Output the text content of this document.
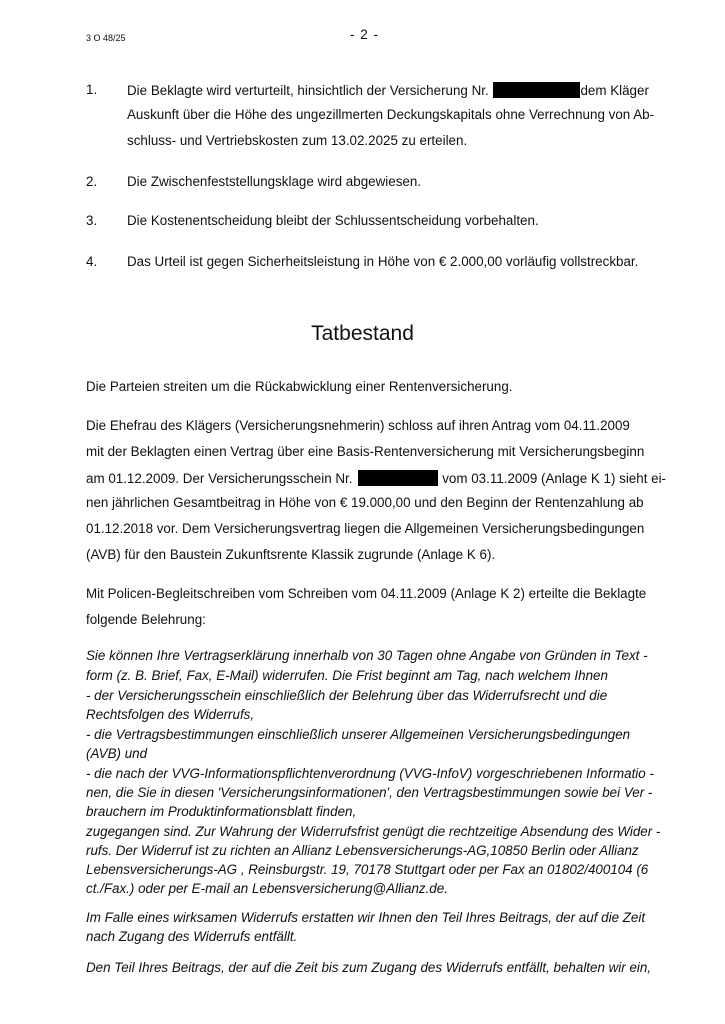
3 O 48/25	- 2 -
1. Die Beklagte wird verturteilt, hinsichtlich der Versicherung Nr.	dem Kläger
Auskunft über die Höhe des ungezillmerten Deckungskapitals ohne Verrechnung von Ab-
schluss- und Vertriebskosten zum 13.02.2025 zu erteilen.
2. Die Zwischenfeststellungsklage wird abgewiesen.
3. Die Kostenentscheidung bleibt der Schlussentscheidung vorbehalten.
4. Das Urteil ist gegen Sicherheitsleistung in Höhe von € 2.000,00 vorläufig vollstreckbar.
Tatbestand
Die Parteien streiten um die Rückabwicklung einer Rentenversicherung.
Die Ehefrau des Klägers (Versicherungsnehmerin) schloss auf ihren Antrag vom 04.11.2009
mit der Beklagten einen Vertrag über eine Basis-Rentenversicherung mit Versicherungsbeginn
am 01.12.2009. Der Versicherungsschein Nr.	vom 03.11.2009 (Anlage K 1) sieht ei-
nen jährlichen Gesamtbeitrag in Höhe von € 19.000,00 und den Beginn der Rentenzahlung ab
01.12.2018 vor. Dem Versicherungsvertrag liegen die Allgemeinen Versicherungsbedingungen
(AVB) für den Baustein Zukunftsrente Klassik zugrunde (Anlage K 6).
Mit Policen-Begleitschreiben vom Schreiben vom 04.11.2009 (Anlage K 2) erteilte die Beklagte
folgende Belehrung:
Sie können Ihre Vertragserklärung innerhalb von 30 Tagen ohne Angabe von Gründen in Text -
form (z. B. Brief, Fax, E-Mail) widerrufen. Die Frist beginnt am Tag, nach welchem Ihnen
- der Versicherungsschein einschließlich der Belehrung über das Widerrufsrecht und die
Rechtsfolgen des Widerrufs,
- die Vertragsbestimmungen einschließlich unserer Allgemeinen Versicherungsbedingungen
(AVB) und
- die nach der VVG-Informationspflichtenverordnung (VVG-InfoV) vorgeschriebenen Informatio -
nen, die Sie in diesen 'Versicherungsinformationen', den Vertragsbestimmungen sowie bei Ver -
brauchern im Produktinformationsblatt finden,
zugegangen sind. Zur Wahrung der Widerrufsfrist genügt die rechtzeitige Absendung des Wider -
rufs. Der Widerruf ist zu richten an Allianz Lebensversicherungs-AG,10850 Berlin oder Allianz
Lebensversicherungs-AG , Reinsburgstr. 19, 70178 Stuttgart oder per Fax an 01802/400104 (6
ct./Fax.) oder per E-mail an Lebensversicherung@Allianz.de.
Im Falle eines wirksamen Widerrufs erstatten wir Ihnen den Teil Ihres Beitrags, der auf die Zeit
nach Zugang des Widerrufs entfällt.
Den Teil Ihres Beitrags, der auf die Zeit bis zum Zugang des Widerrufs entfällt, behalten wir ein,
